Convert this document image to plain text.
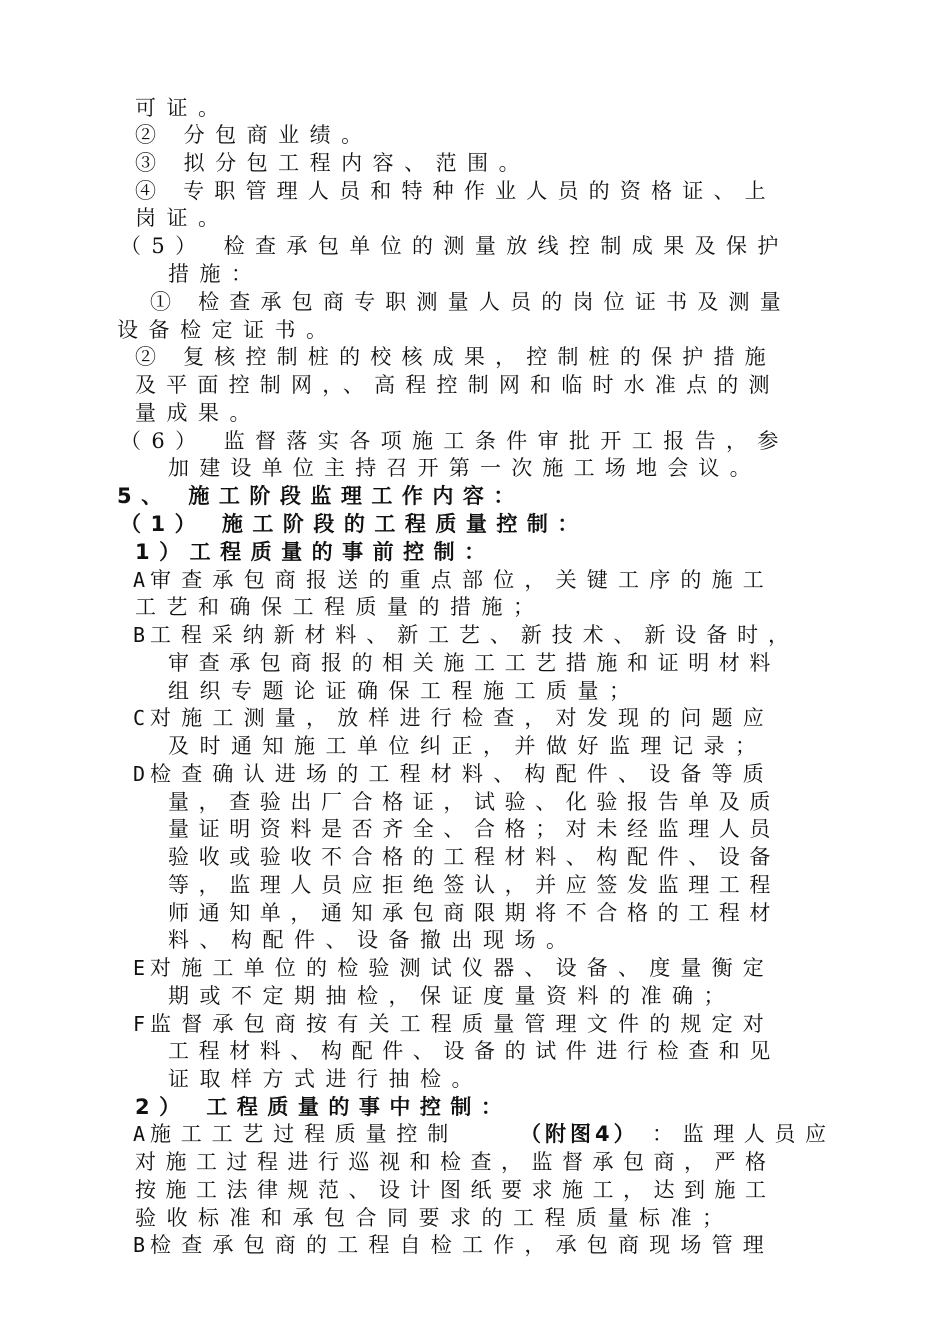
可证。
② 分包商业绩。
③ 拟分包工程内容、范围。
④ 专职管理人员和特种作业人员的资格证、上
岗证。
（5） 检查承包单位的测量放线控制成果及保护
措施：
① 检查承包商专职测量人员的岗位证书及测量
设备检定证书。
② 复核控制桩的校核成果，控制桩的保护措施
及平面控制网，、高程控制网和临时水准点的测
量成果。
（6） 监督落实各项施工条件审批开工报告，参
加建设单位主持召开第一次施工场地会议。
5、 施工阶段监理工作内容：
（1） 施工阶段的工程质量控制：
1）工程质量的事前控制：
A 审查承包商报送的重点部位，关键工序的施工
工艺和确保工程质量的措施；
B 工程采纳新材料、新工艺、新技术、新设备时，
审查承包商报的相关施工工艺措施和证明材料
组织专题论证确保工程施工质量；
C 对施工测量，放样进行检查，对发现的问题应
及时通知施工单位纠正，并做好监理记录；
D 检查确认进场的工程材料、构配件、设备等质
量，查验出厂合格证，试验、化验报告单及质
量证明资料是否齐全、合格；对未经监理人员
验收或验收不合格的工程材料、构配件、设备
等，监理人员应拒绝签认，并应签发监理工程
师通知单，通知承包商限期将不合格的工程材
料、构配件、设备撤出现场。
E 对施工单位的检验测试仪器、设备、度量衡定
期或不定期抽检，保证度量资料的准确；
F 监督承包商按有关工程质量管理文件的规定对
工程材料、构配件、设备的试件进行检查和见
证取样方式进行抽检。
2） 工程质量的事中控制：
A 施工工艺过程质量控制	（附图4） ：监理人员应
对施工过程进行巡视和检查，监督承包商，严格
按施工法律规范、设计图纸要求施工，达到施工
验收标准和承包合同要求的工程质量标准；
B 检查承包商的工程自检工作，承包商现场管理
